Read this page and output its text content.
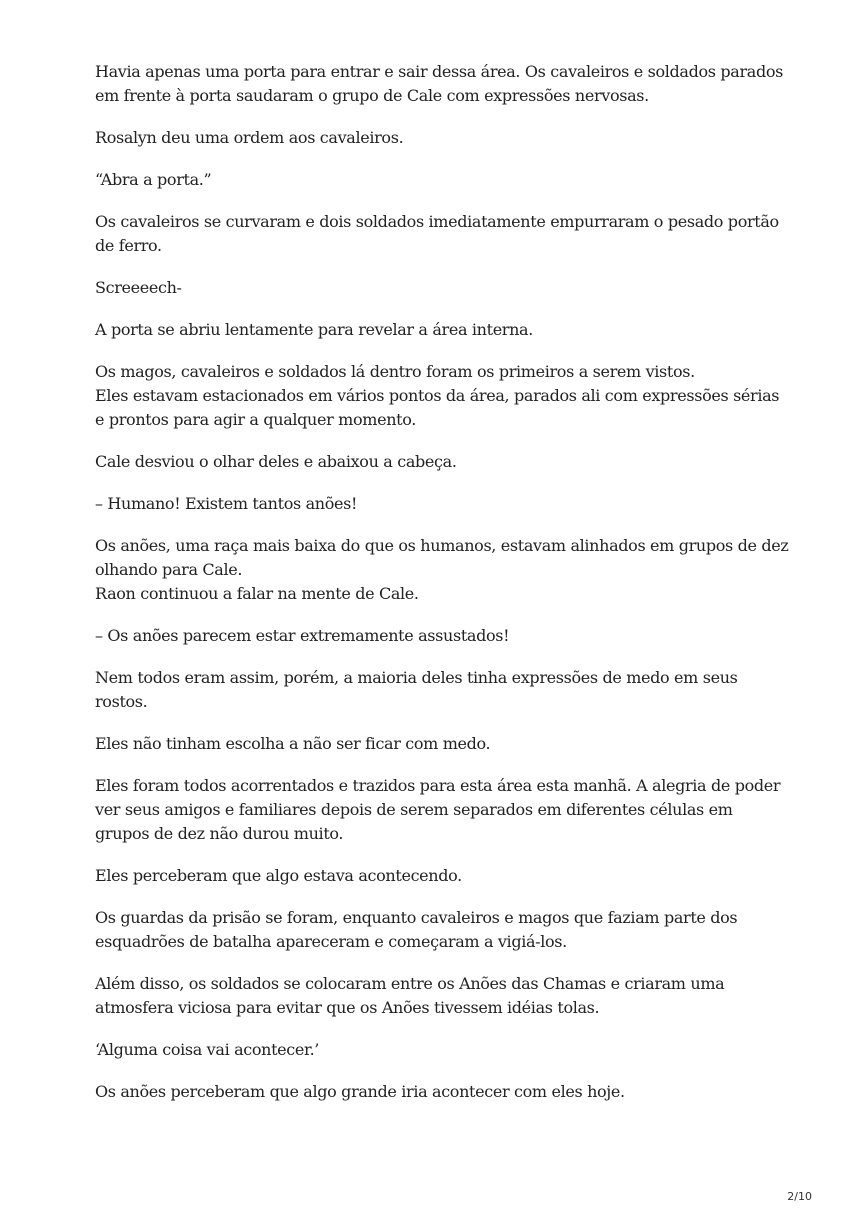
Havia apenas uma porta para entrar e sair dessa área. Os cavaleiros e soldados parados em frente à porta saudaram o grupo de Cale com expressões nervosas.

Rosalyn deu uma ordem aos cavaleiros.

“Abra a porta.”

Os cavaleiros se curvaram e dois soldados imediatamente empurraram o pesado portão de ferro.

Screeeech-

A porta se abriu lentamente para revelar a área interna.

Os magos, cavaleiros e soldados lá dentro foram os primeiros a serem vistos.
Eles estavam estacionados em vários pontos da área, parados ali com expressões sérias e prontos para agir a qualquer momento.

Cale desviou o olhar deles e abaixou a cabeça.

– Humano! Existem tantos anões!

Os anões, uma raça mais baixa do que os humanos, estavam alinhados em grupos de dez olhando para Cale.
Raon continuou a falar na mente de Cale.

– Os anões parecem estar extremamente assustados!

Nem todos eram assim, porém, a maioria deles tinha expressões de medo em seus rostos.

Eles não tinham escolha a não ser ficar com medo.

Eles foram todos acorrentados e trazidos para esta área esta manhã. A alegria de poder ver seus amigos e familiares depois de serem separados em diferentes células em grupos de dez não durou muito.

Eles perceberam que algo estava acontecendo.

Os guardas da prisão se foram, enquanto cavaleiros e magos que faziam parte dos esquadrões de batalha apareceram e começaram a vigiá-los.

Além disso, os soldados se colocaram entre os Anões das Chamas e criaram uma atmosfera viciosa para evitar que os Anões tivessem idéias tolas.

‘Alguma coisa vai acontecer.’

Os anões perceberam que algo grande iria acontecer com eles hoje.

2/10
